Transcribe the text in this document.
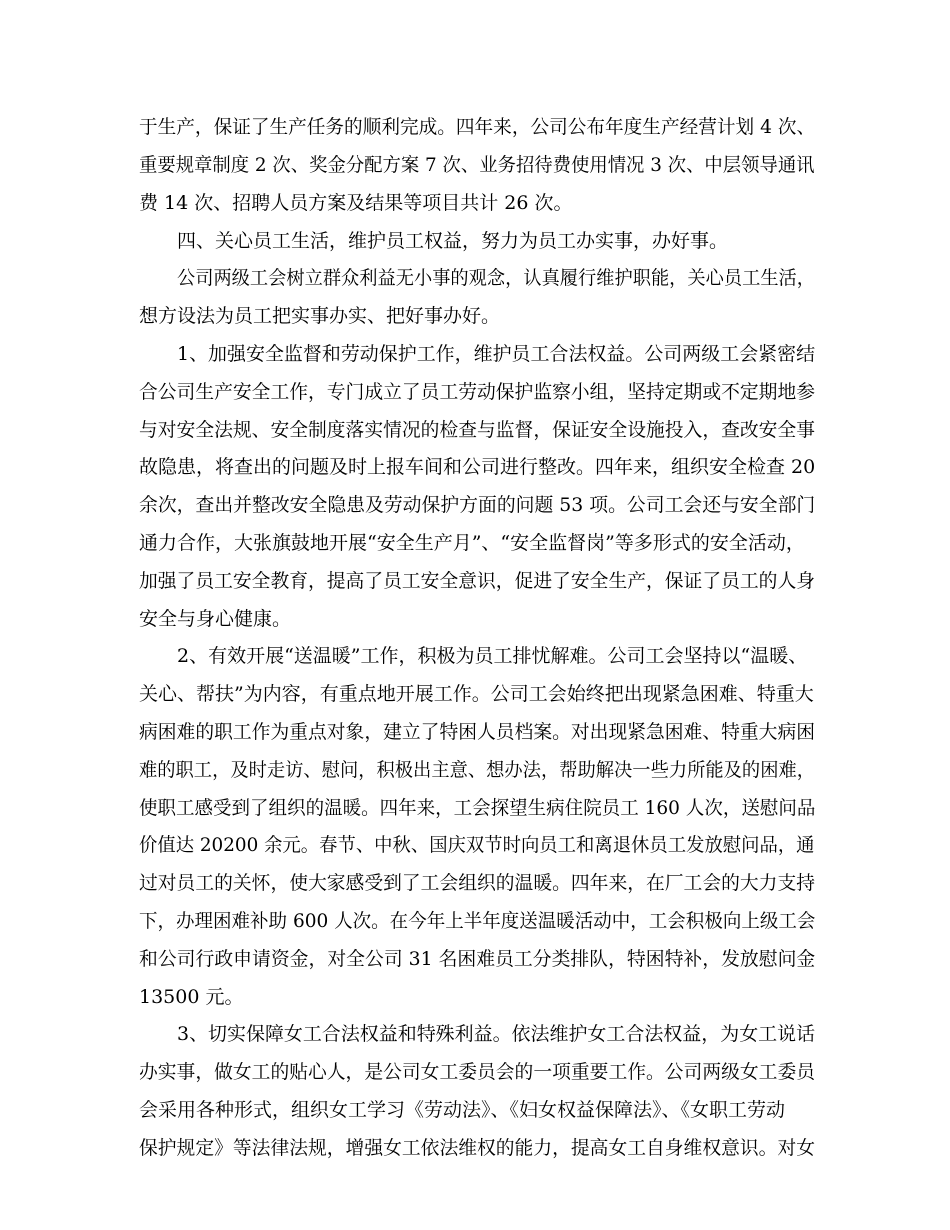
于生产，保证了生产任务的顺利完成。四年来，公司公布年度生产经营计划 4 次、
重要规章制度 2 次、奖金分配方案 7 次、业务招待费使用情况 3 次、中层领导通讯
费 14 次、招聘人员方案及结果等项目共计 26 次。
四、关心员工生活，维护员工权益，努力为员工办实事，办好事。
公司两级工会树立群众利益无小事的观念，认真履行维护职能，关心员工生活，
想方设法为员工把实事办实、把好事办好。
1、加强安全监督和劳动保护工作，维护员工合法权益。公司两级工会紧密结
合公司生产安全工作，专门成立了员工劳动保护监察小组，坚持定期或不定期地参
与对安全法规、安全制度落实情况的检查与监督，保证安全设施投入，查改安全事
故隐患，将查出的问题及时上报车间和公司进行整改。四年来，组织安全检查 20
余次，查出并整改安全隐患及劳动保护方面的问题 53 项。公司工会还与安全部门
通力合作，大张旗鼓地开展“安全生产月”、“安全监督岗”等多形式的安全活动，
加强了员工安全教育，提高了员工安全意识，促进了安全生产，保证了员工的人身
安全与身心健康。
2、有效开展“送温暖”工作，积极为员工排忧解难。公司工会坚持以“温暖、
关心、帮扶”为内容，有重点地开展工作。公司工会始终把出现紧急困难、特重大
病困难的职工作为重点对象，建立了特困人员档案。对出现紧急困难、特重大病困
难的职工，及时走访、慰问，积极出主意、想办法，帮助解决一些力所能及的困难，
使职工感受到了组织的温暖。四年来，工会探望生病住院员工 160 人次，送慰问品
价值达 20200 余元。春节、中秋、国庆双节时向员工和离退休员工发放慰问品，通
过对员工的关怀，使大家感受到了工会组织的温暖。四年来，在厂工会的大力支持
下，办理困难补助 600 人次。在今年上半年度送温暖活动中，工会积极向上级工会
和公司行政申请资金，对全公司 31 名困难员工分类排队，特困特补，发放慰问金
13500 元。
3、切实保障女工合法权益和特殊利益。依法维护女工合法权益，为女工说话
办实事，做女工的贴心人，是公司女工委员会的一项重要工作。公司两级女工委员
会采用各种形式，组织女工学习《劳动法》、《妇女权益保障法》、《女职工劳动
保护规定》等法律法规，增强女工依法维权的能力，提高女工自身维权意识。对女
